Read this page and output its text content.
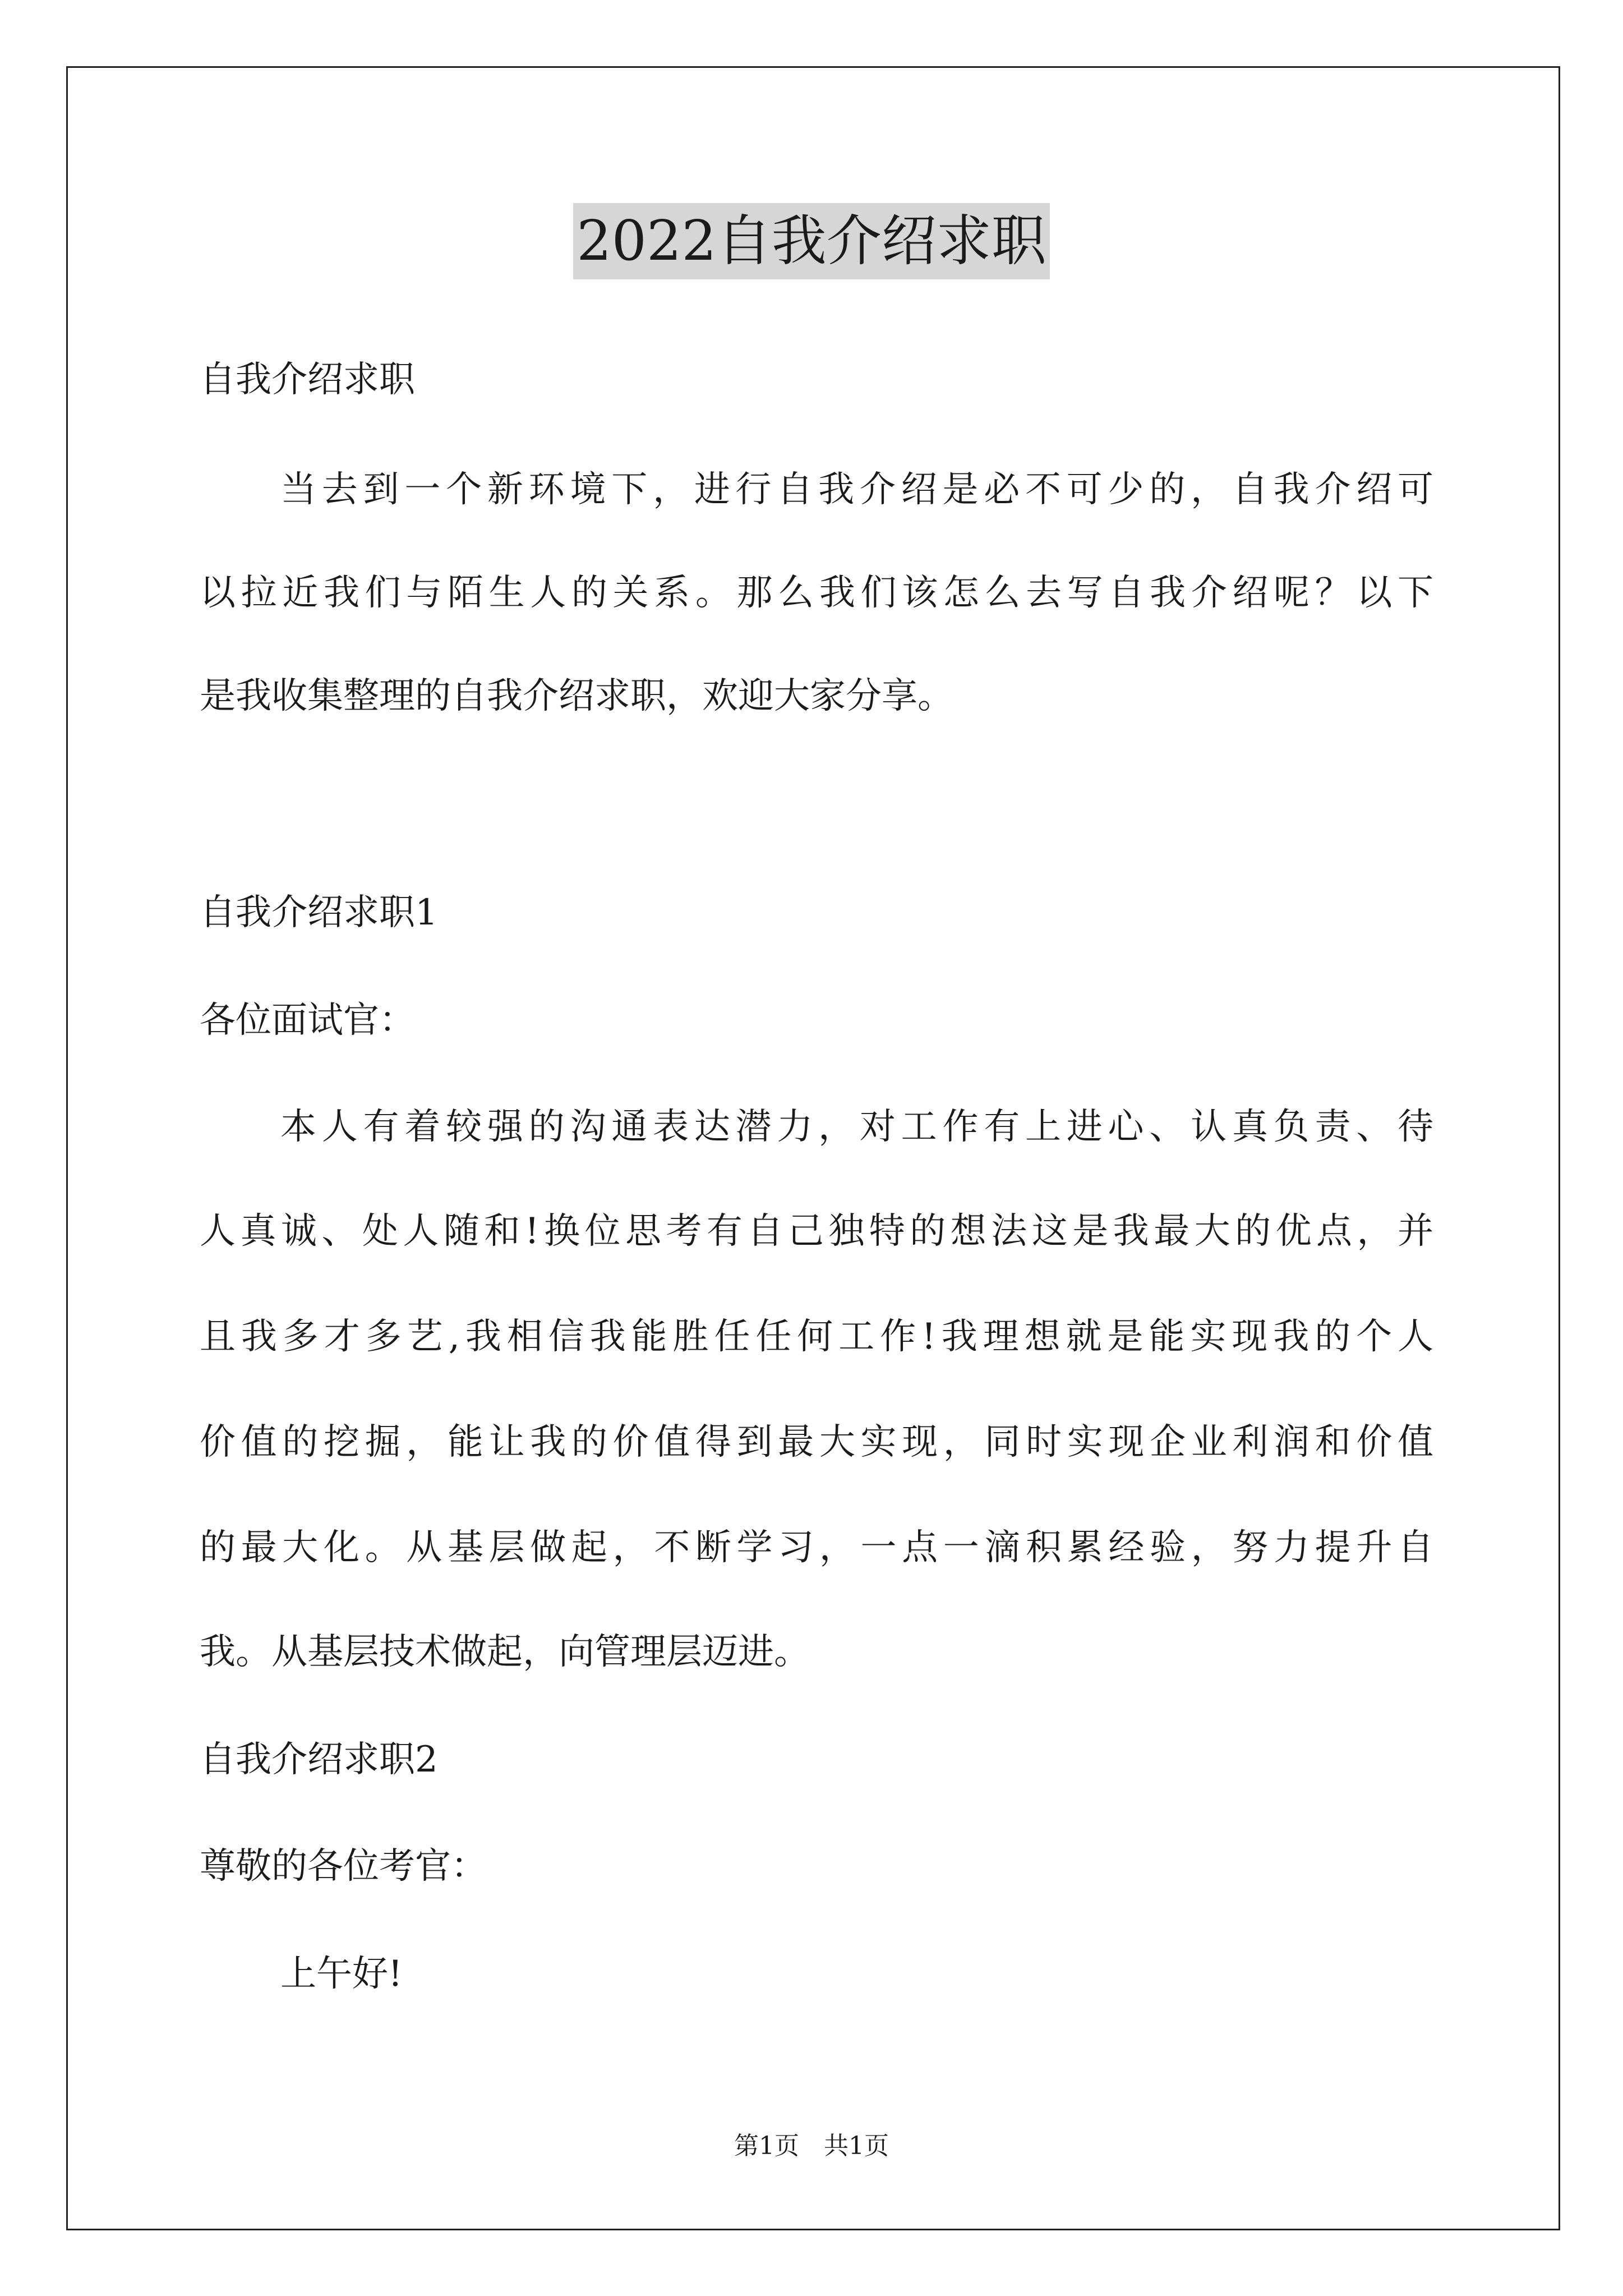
2022自我介绍求职
自我介绍求职
当去到一个新环境下，进行自我介绍是必不可少的，自我介绍可
以拉近我们与陌生人的关系。那么我们该怎么去写自我介绍呢？以下
是我收集整理的自我介绍求职，欢迎大家分享。
自我介绍求职1
各位面试官：
本人有着较强的沟通表达潜力，对工作有上进心、认真负责、待
人真诚、处人随和!换位思考有自己独特的想法这是我最大的优点，并
且我多才多艺,我相信我能胜任任何工作!我理想就是能实现我的个人
价值的挖掘，能让我的价值得到最大实现，同时实现企业利润和价值
的最大化。从基层做起，不断学习，一点一滴积累经验，努力提升自
我。从基层技术做起，向管理层迈进。
自我介绍求职2
尊敬的各位考官：
上午好!
第1页　共1页
